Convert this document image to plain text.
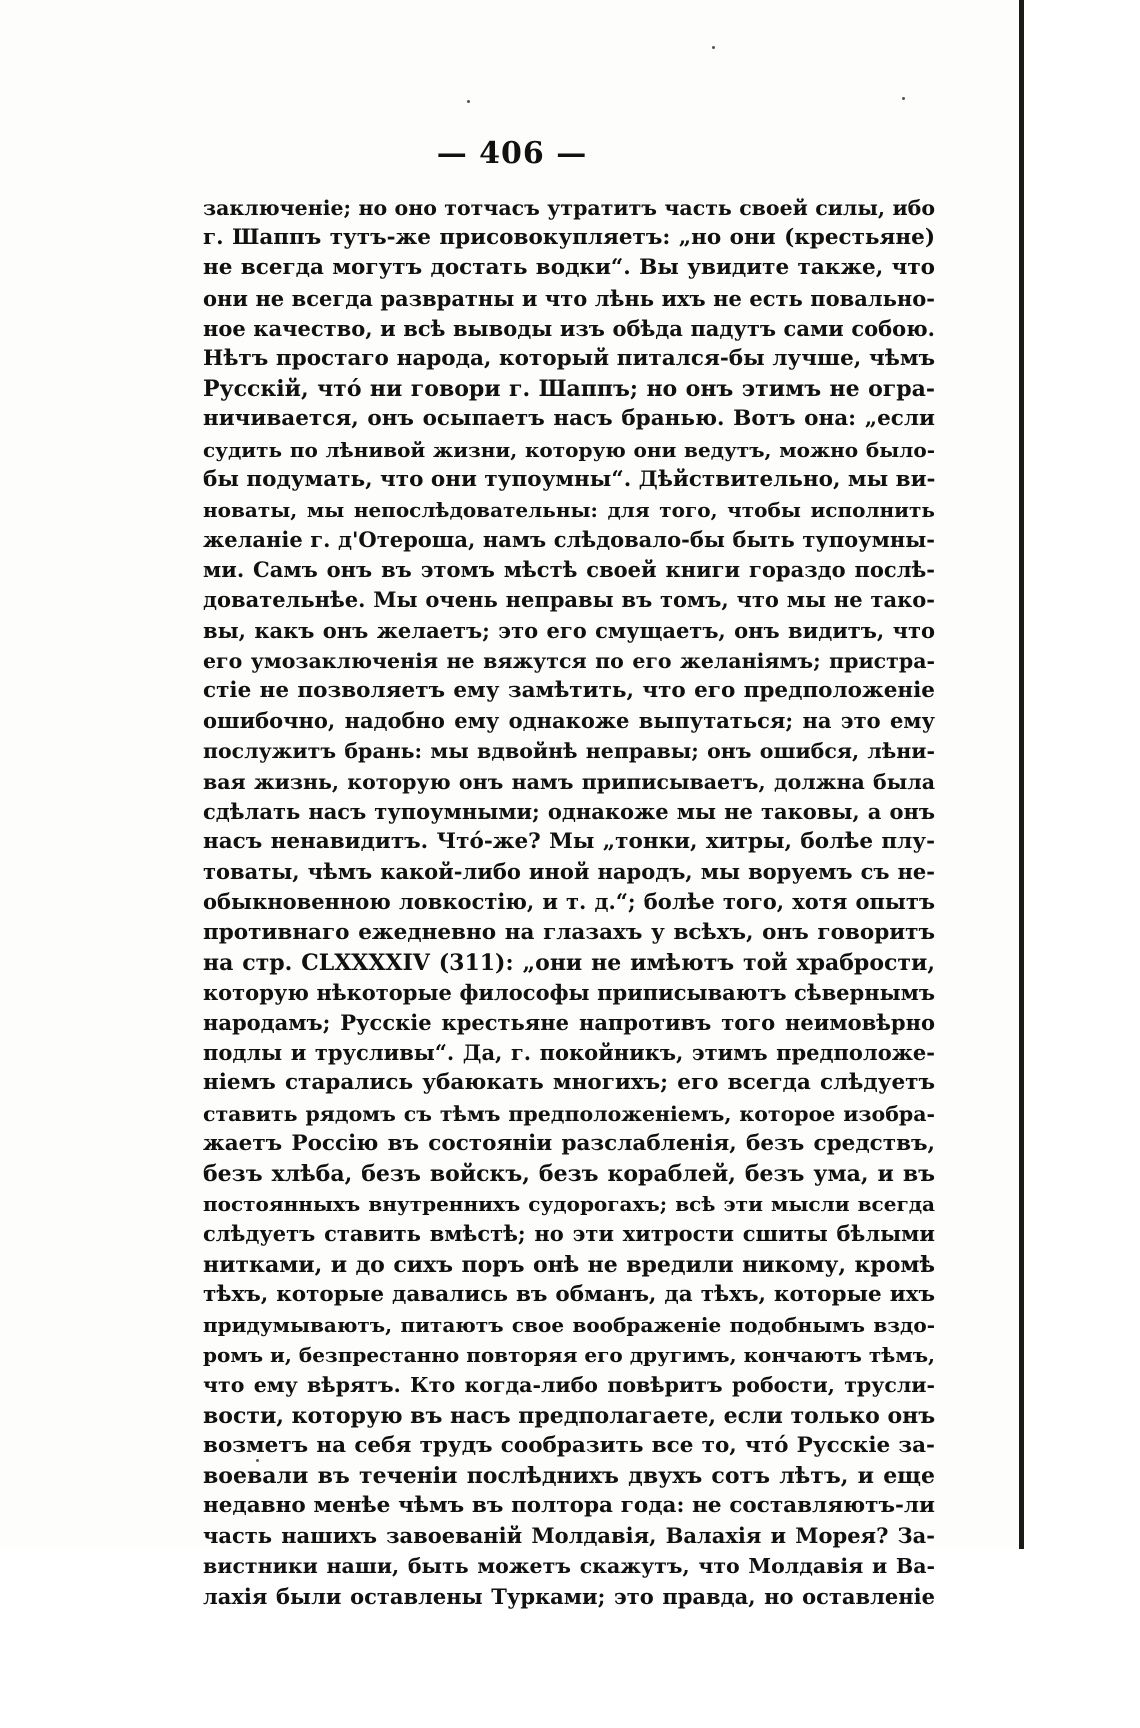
— 406 —
заключеніе; но оно тотчасъ утратитъ часть своей силы, ибо
г. Шаппъ тутъ-же присовокупляетъ: „но они (крестьяне)
не всегда могутъ достать водки“. Вы увидите также, что
они не всегда развратны и что лѣнь ихъ не есть повально-
ное качество, и всѣ выводы изъ обѣда падутъ сами собою.
Нѣтъ простаго народа, который питался-бы лучше, чѣмъ
Русскій, чтó ни говори г. Шаппъ; но онъ этимъ не огра-
ничивается, онъ осыпаетъ насъ бранью. Вотъ она: „если
судить по лѣнивой жизни, которую они ведутъ, можно было-
бы подумать, что они тупоумны“. Дѣйствительно, мы ви-
новаты, мы непослѣдовательны: для того, чтобы исполнить
желаніе г. д'Отероша, намъ слѣдовало-бы быть тупоумны-
ми. Самъ онъ въ этомъ мѣстѣ своей книги гораздо послѣ-
довательнѣе. Мы очень неправы въ томъ, что мы не тако-
вы, какъ онъ желаетъ; это его смущаетъ, онъ видитъ, что
его умозаключенія не вяжутся по его желаніямъ; пристра-
стіе не позволяетъ ему замѣтить, что его предположеніе
ошибочно, надобно ему однакоже выпутаться; на это ему
послужитъ брань: мы вдвойнѣ неправы; онъ ошибся, лѣни-
вая жизнь, которую онъ намъ приписываетъ, должна была
сдѣлать насъ тупоумными; однакоже мы не таковы, а онъ
насъ ненавидитъ. Чтó-же? Мы „тонки, хитры, болѣе плу-
товаты, чѣмъ какой-либо иной народъ, мы воруемъ съ не-
обыкновенною ловкостію, и т. д.“; болѣе того, хотя опытъ
противнаго ежедневно на глазахъ у всѣхъ, онъ говоритъ
на стр. CLXXXXIV (311): „они не имѣютъ той храбрости,
которую нѣкоторые философы приписываютъ сѣвернымъ
народамъ; Русскіе крестьяне напротивъ того неимовѣрно
подлы и трусливы“. Да, г. покойникъ, этимъ предположе-
ніемъ старались убаюкать многихъ; его всегда слѣдуетъ
ставить рядомъ съ тѣмъ предположеніемъ, которое изобра-
жаетъ Россію въ состояніи разслабленія, безъ средствъ,
безъ хлѣба, безъ войскъ, безъ кораблей, безъ ума, и въ
постоянныхъ внутреннихъ судорогахъ; всѣ эти мысли всегда
слѣдуетъ ставить вмѣстѣ; но эти хитрости сшиты бѣлыми
нитками, и до сихъ поръ онѣ не вредили никому, кромѣ
тѣхъ, которые давались въ обманъ, да тѣхъ, которые ихъ
придумываютъ, питаютъ свое воображеніе подобнымъ вздо-
ромъ и, безпрестанно повторяя его другимъ, кончаютъ тѣмъ,
что ему вѣрятъ. Кто когда-либо повѣритъ робости, трусли-
вости, которую въ насъ предполагаете, если только онъ
возметъ на себя трудъ сообразить все то, чтó Русскіе за-
воевали въ теченіи послѣднихъ двухъ сотъ лѣтъ, и еще
недавно менѣе чѣмъ въ полтора года: не составляютъ-ли
часть нашихъ завоеваній Молдавія, Валахія и Морея? За-
вистники наши, быть можетъ скажутъ, что Молдавія и Ва-
лахія были оставлены Турками; это правда, но оставленіе
